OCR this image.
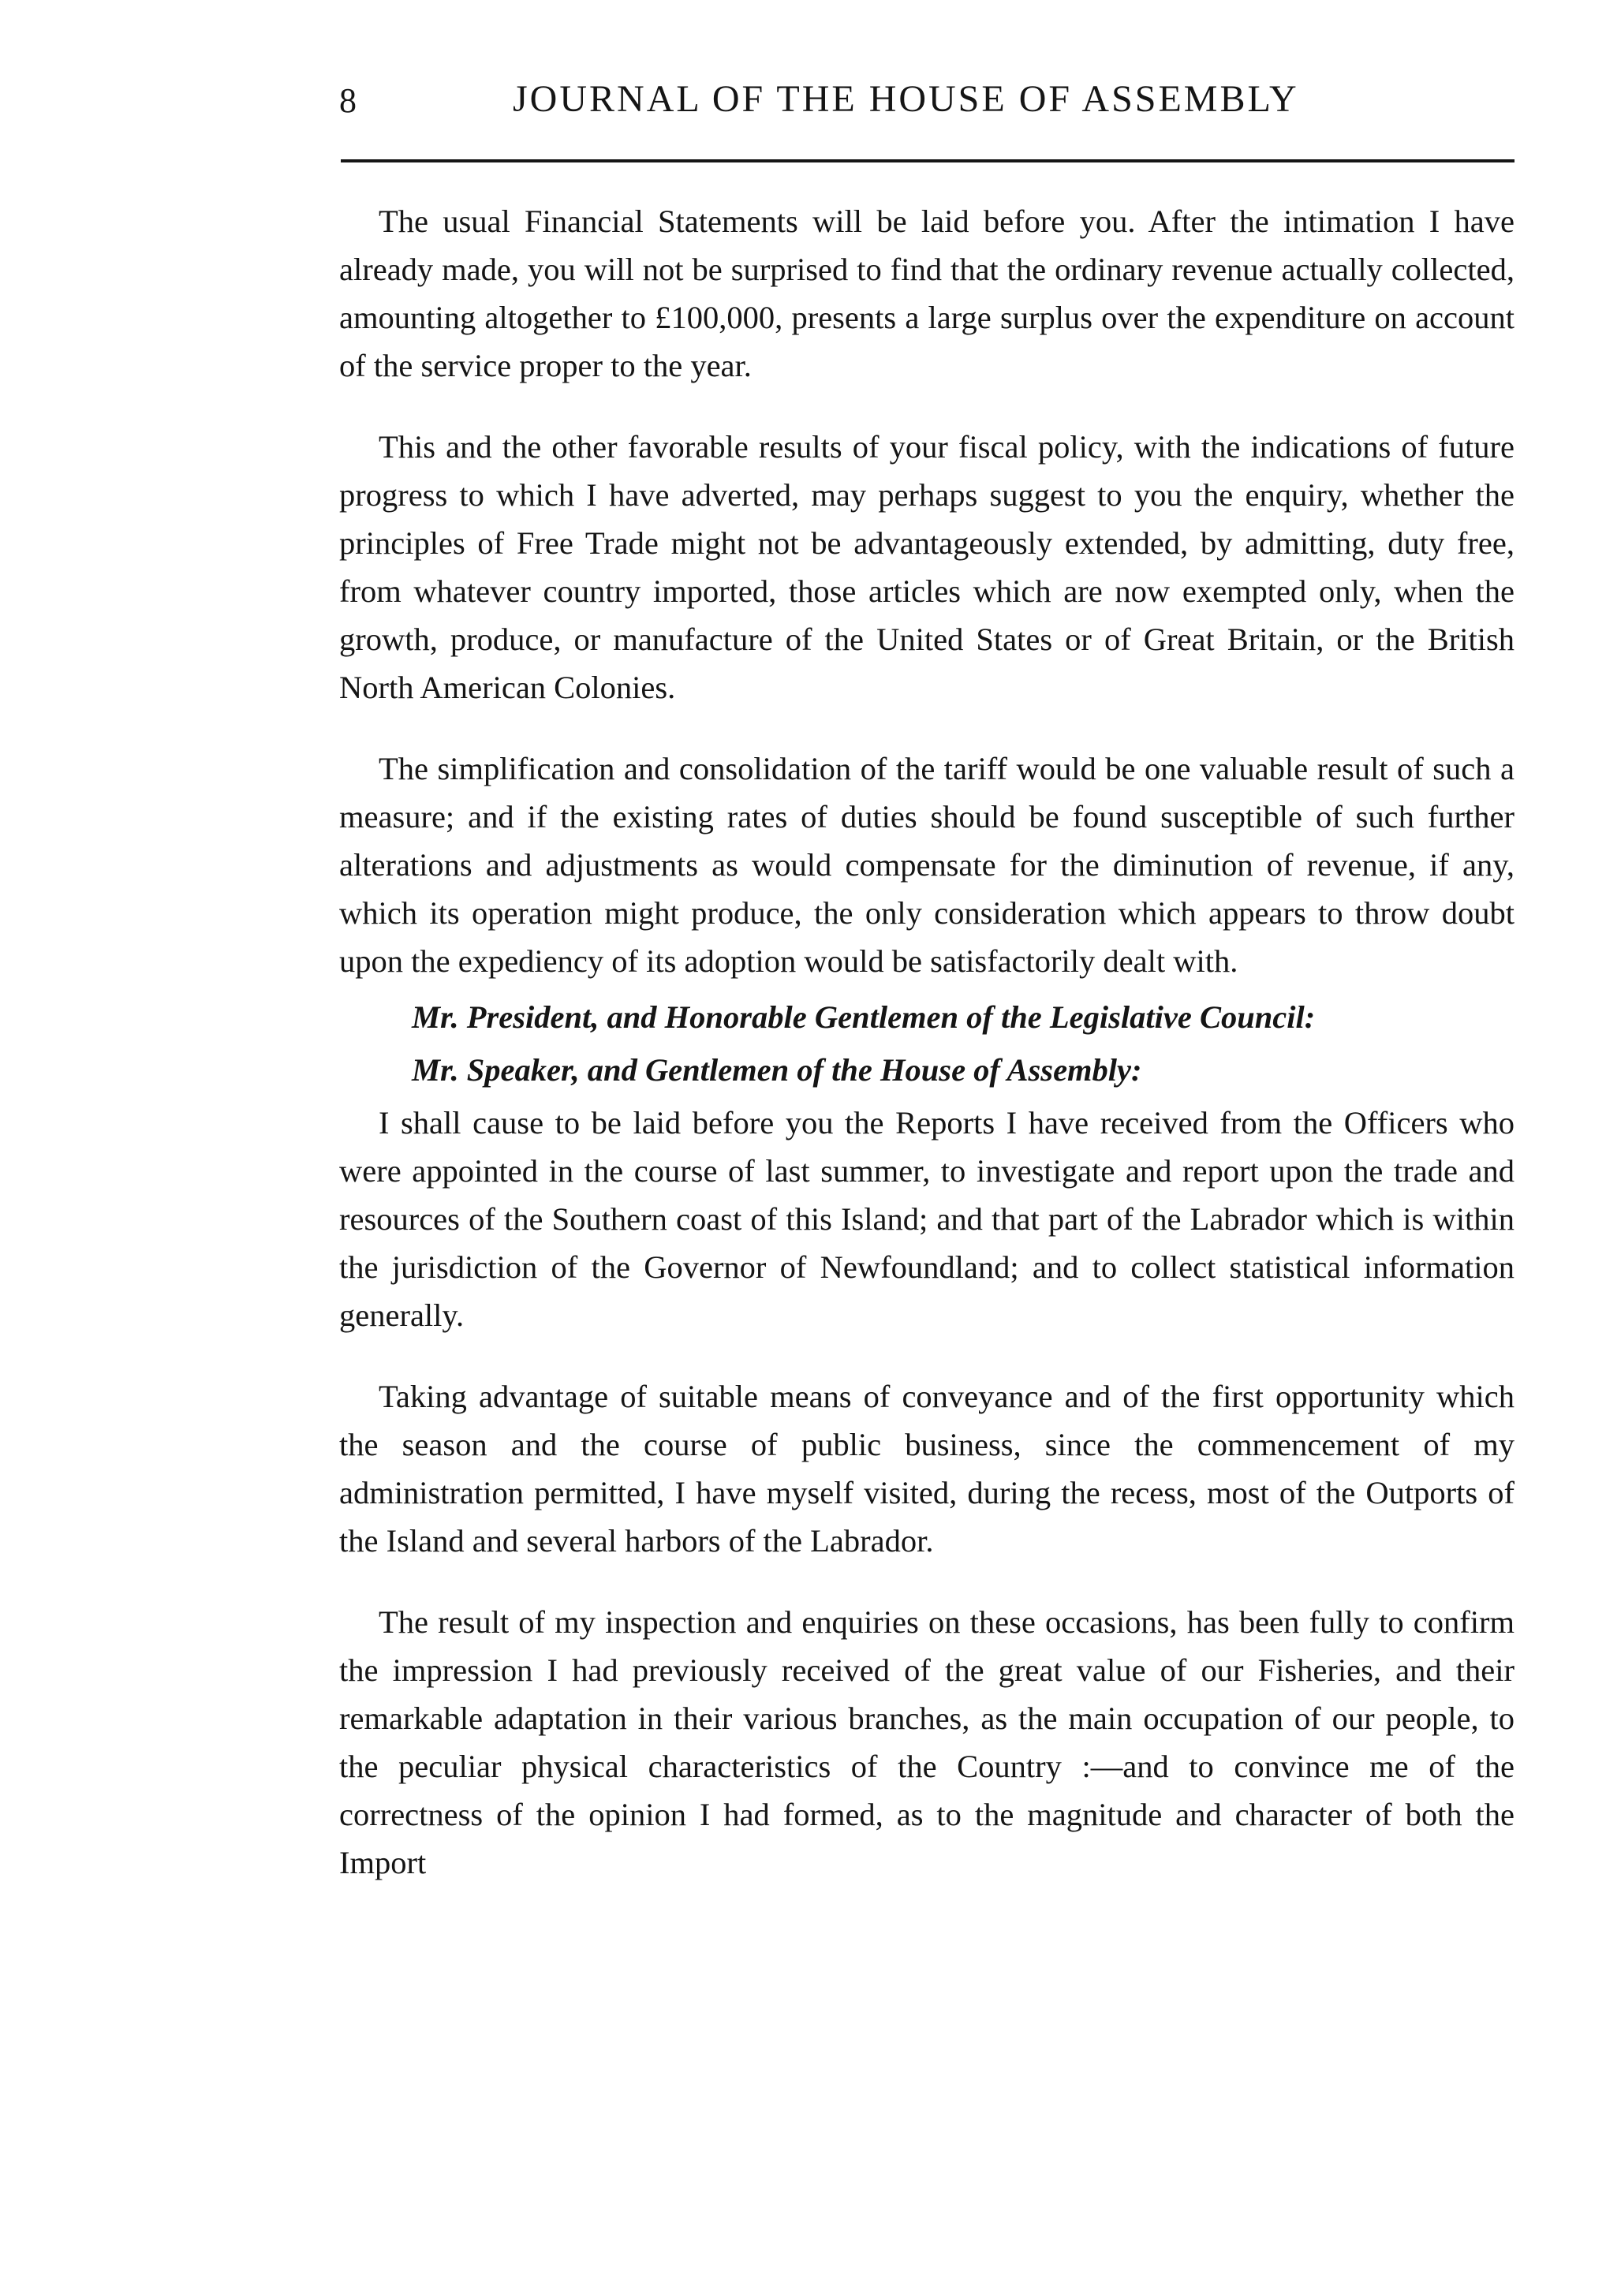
8	JOURNAL OF THE HOUSE OF ASSEMBLY

The usual Financial Statements will be laid before you. After the intimation I have already made, you will not be surprised to find that the ordinary revenue actually collected, amounting altogether to £100,000, presents a large surplus over the expenditure on account of the service proper to the year.

This and the other favorable results of your fiscal policy, with the indications of future progress to which I have adverted, may perhaps suggest to you the enquiry, whether the principles of Free Trade might not be advantageously extended, by admitting, duty free, from whatever country imported, those articles which are now exempted only, when the growth, produce, or manufacture of the United States or of Great Britain, or the British North American Colonies.

The simplification and consolidation of the tariff would be one valuable result of such a measure; and if the existing rates of duties should be found susceptible of such further alterations and adjustments as would compensate for the diminution of revenue, if any, which its operation might produce, the only consideration which appears to throw doubt upon the expediency of its adoption would be satisfactorily dealt with.

Mr. President, and Honorable Gentlemen of the Legislative Council:

Mr. Speaker, and Gentlemen of the House of Assembly:

I shall cause to be laid before you the Reports I have received from the Officers who were appointed in the course of last summer, to investigate and report upon the trade and resources of the Southern coast of this Island; and that part of the Labrador which is within the jurisdiction of the Governor of Newfoundland; and to collect statistical information generally.

Taking advantage of suitable means of conveyance and of the first opportunity which the season and the course of public business, since the commencement of my administration permitted, I have myself visited, during the recess, most of the Outports of the Island and several harbors of the Labrador.

The result of my inspection and enquiries on these occasions, has been fully to confirm the impression I had previously received of the great value of our Fisheries, and their remarkable adaptation in their various branches, as the main occupation of our people, to the peculiar physical characteristics of the Country :—and to convince me of the correctness of the opinion I had formed, as to the magnitude and character of both the Import
